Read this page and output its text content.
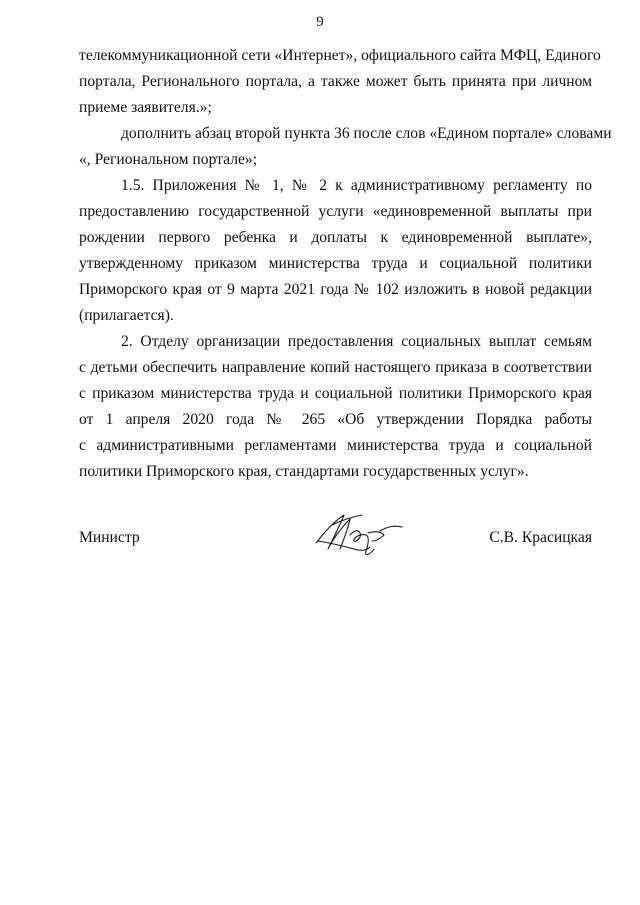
9
телекоммуникационной сети «Интернет», официального сайта МФЦ, Единого
портала, Регионального портала, а также может быть принята при личном
приеме заявителя.»;
дополнить абзац второй пункта 36 после слов «Едином портале» словами
«, Региональном портале»;
1.5. Приложения № 1, № 2 к административному регламенту по
предоставлению государственной услуги «единовременной выплаты при
рождении первого ребенка и доплаты к единовременной выплате»,
утвержденному приказом министерства труда и социальной политики
Приморского края от 9 марта 2021 года № 102 изложить в новой редакции
(прилагается).
2. Отделу организации предоставления социальных выплат семьям
с детьми обеспечить направление копий настоящего приказа в соответствии
с приказом министерства труда и социальной политики Приморского края
от 1 апреля 2020 года № 265 «Об утверждении Порядка работы
с административными регламентами министерства труда и социальной
политики Приморского края, стандартами государственных услуг».
Министр	С.В. Красицкая
